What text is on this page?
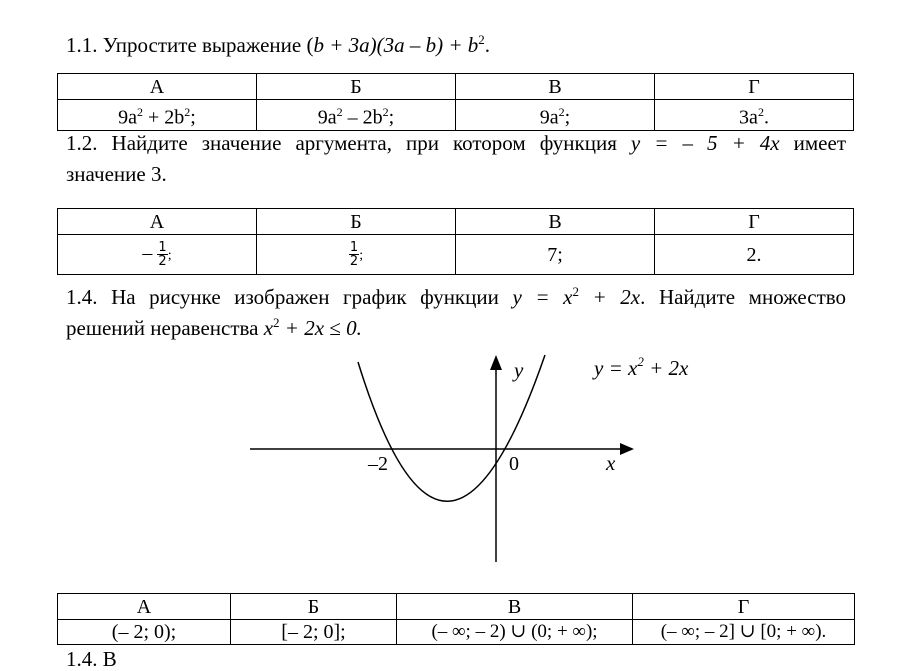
1.1. Упростите выражение $(b + 3a)(3a - b) + b^2$.
А	Б	В	Г
$9a^2 + 2b^2$;	$9a^2 - 2b^2$;	$9a^2$;	$3a^2$.
1.2. Найдите значение аргумента, при котором функция y = – 5 + 4x имеет
значение 3.
А	Б	В	Г
– $\frac{1}{2}$ ;	$\frac{1}{2}$ ;	7;	2.
1.4. На рисунке изображен график функции $y = x^2 + 2x$. Найдите множество
решений неравенства $x^2 + 2x \le 0$.
y
x
–2	0
$y = x^2 + 2x$
А	Б	В	Г
(– 2; 0);	[– 2; 0];	(– ∞; – 2) ∪ (0; + ∞);	(– ∞; – 2] ∪ [0; + ∞).
1.4. В
